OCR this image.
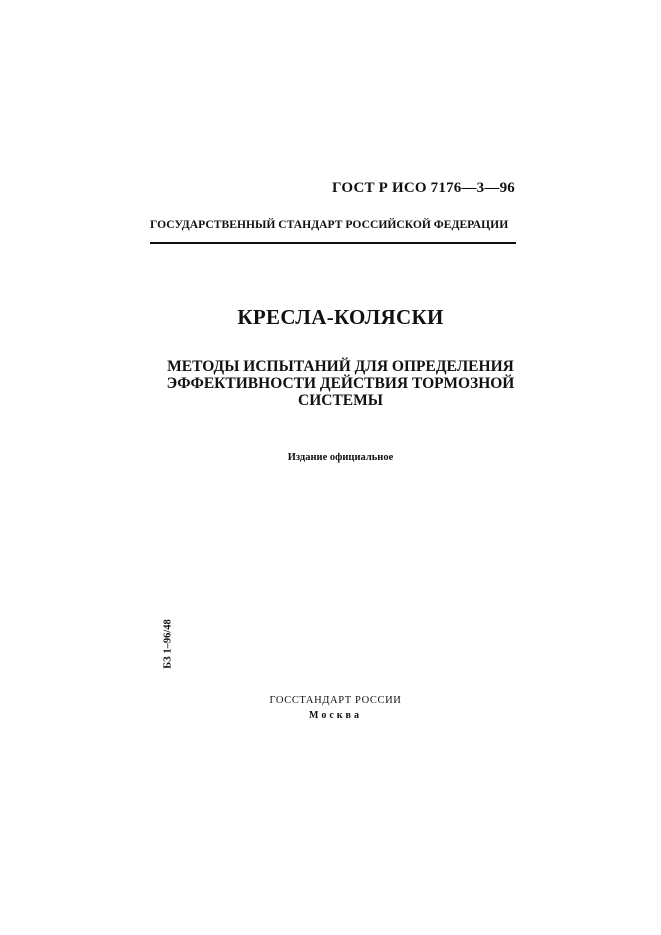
ГОСТ Р ИСО 7176—3—96
ГОСУДАРСТВЕННЫЙ СТАНДАРТ РОССИЙСКОЙ ФЕДЕРАЦИИ
КРЕСЛА-КОЛЯСКИ
МЕТОДЫ ИСПЫТАНИЙ ДЛЯ ОПРЕДЕЛЕНИЯ
ЭФФЕКТИВНОСТИ ДЕЙСТВИЯ ТОРМОЗНОЙ
СИСТЕМЫ
Издание официальное
БЗ 1–96/48
ГОССТАНДАРТ РОССИИ
Москва
